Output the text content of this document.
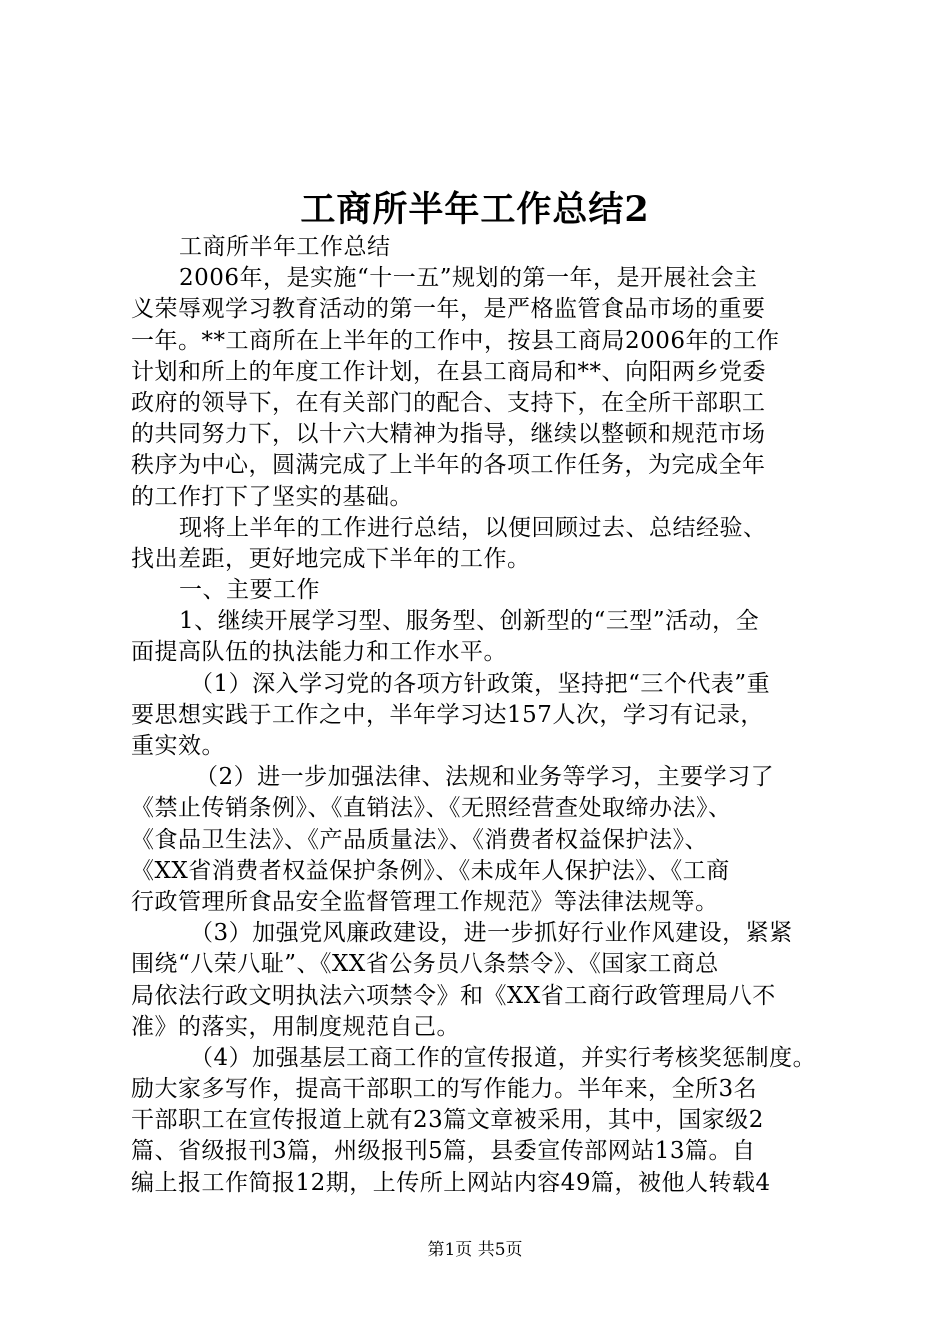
工商所半年工作总结2
工商所半年工作总结
2006年，是实施“十一五”规划的第一年，是开展社会主
义荣辱观学习教育活动的第一年，是严格监管食品市场的重要
一年。**工商所在上半年的工作中，按县工商局2006年的工作
计划和所上的年度工作计划，在县工商局和**、向阳两乡党委
政府的领导下，在有关部门的配合、支持下，在全所干部职工
的共同努力下，以十六大精神为指导，继续以整顿和规范市场
秩序为中心，圆满完成了上半年的各项工作任务，为完成全年
的工作打下了坚实的基础。
现将上半年的工作进行总结，以便回顾过去、总结经验、
找出差距，更好地完成下半年的工作。
一、主要工作
1、继续开展学习型、服务型、创新型的“三型”活动，全
面提高队伍的执法能力和工作水平。
（1）深入学习党的各项方针政策，坚持把“三个代表”重
要思想实践于工作之中，半年学习达157人次，学习有记录，
重实效。
（2）进一步加强法律、法规和业务等学习，主要学习了
《禁止传销条例》、《直销法》、《无照经营查处取缔办法》、
《食品卫生法》、《产品质量法》、《消费者权益保护法》、
《XX省消费者权益保护条例》、《未成年人保护法》、《工商
行政管理所食品安全监督管理工作规范》等法律法规等。
（3）加强党风廉政建设，进一步抓好行业作风建设，紧紧
围绕“八荣八耻”、《XX省公务员八条禁令》、《国家工商总
局依法行政文明执法六项禁令》和《XX省工商行政管理局八不
准》的落实，用制度规范自己。
（4）加强基层工商工作的宣传报道，并实行考核奖惩制度。
励大家多写作，提高干部职工的写作能力。半年来，全所3名
干部职工在宣传报道上就有23篇文章被采用，其中，国家级2
篇、省级报刊3篇，州级报刊5篇，县委宣传部网站13篇。自
编上报工作简报12期，上传所上网站内容49篇，被他人转载4
第1页 共5页
